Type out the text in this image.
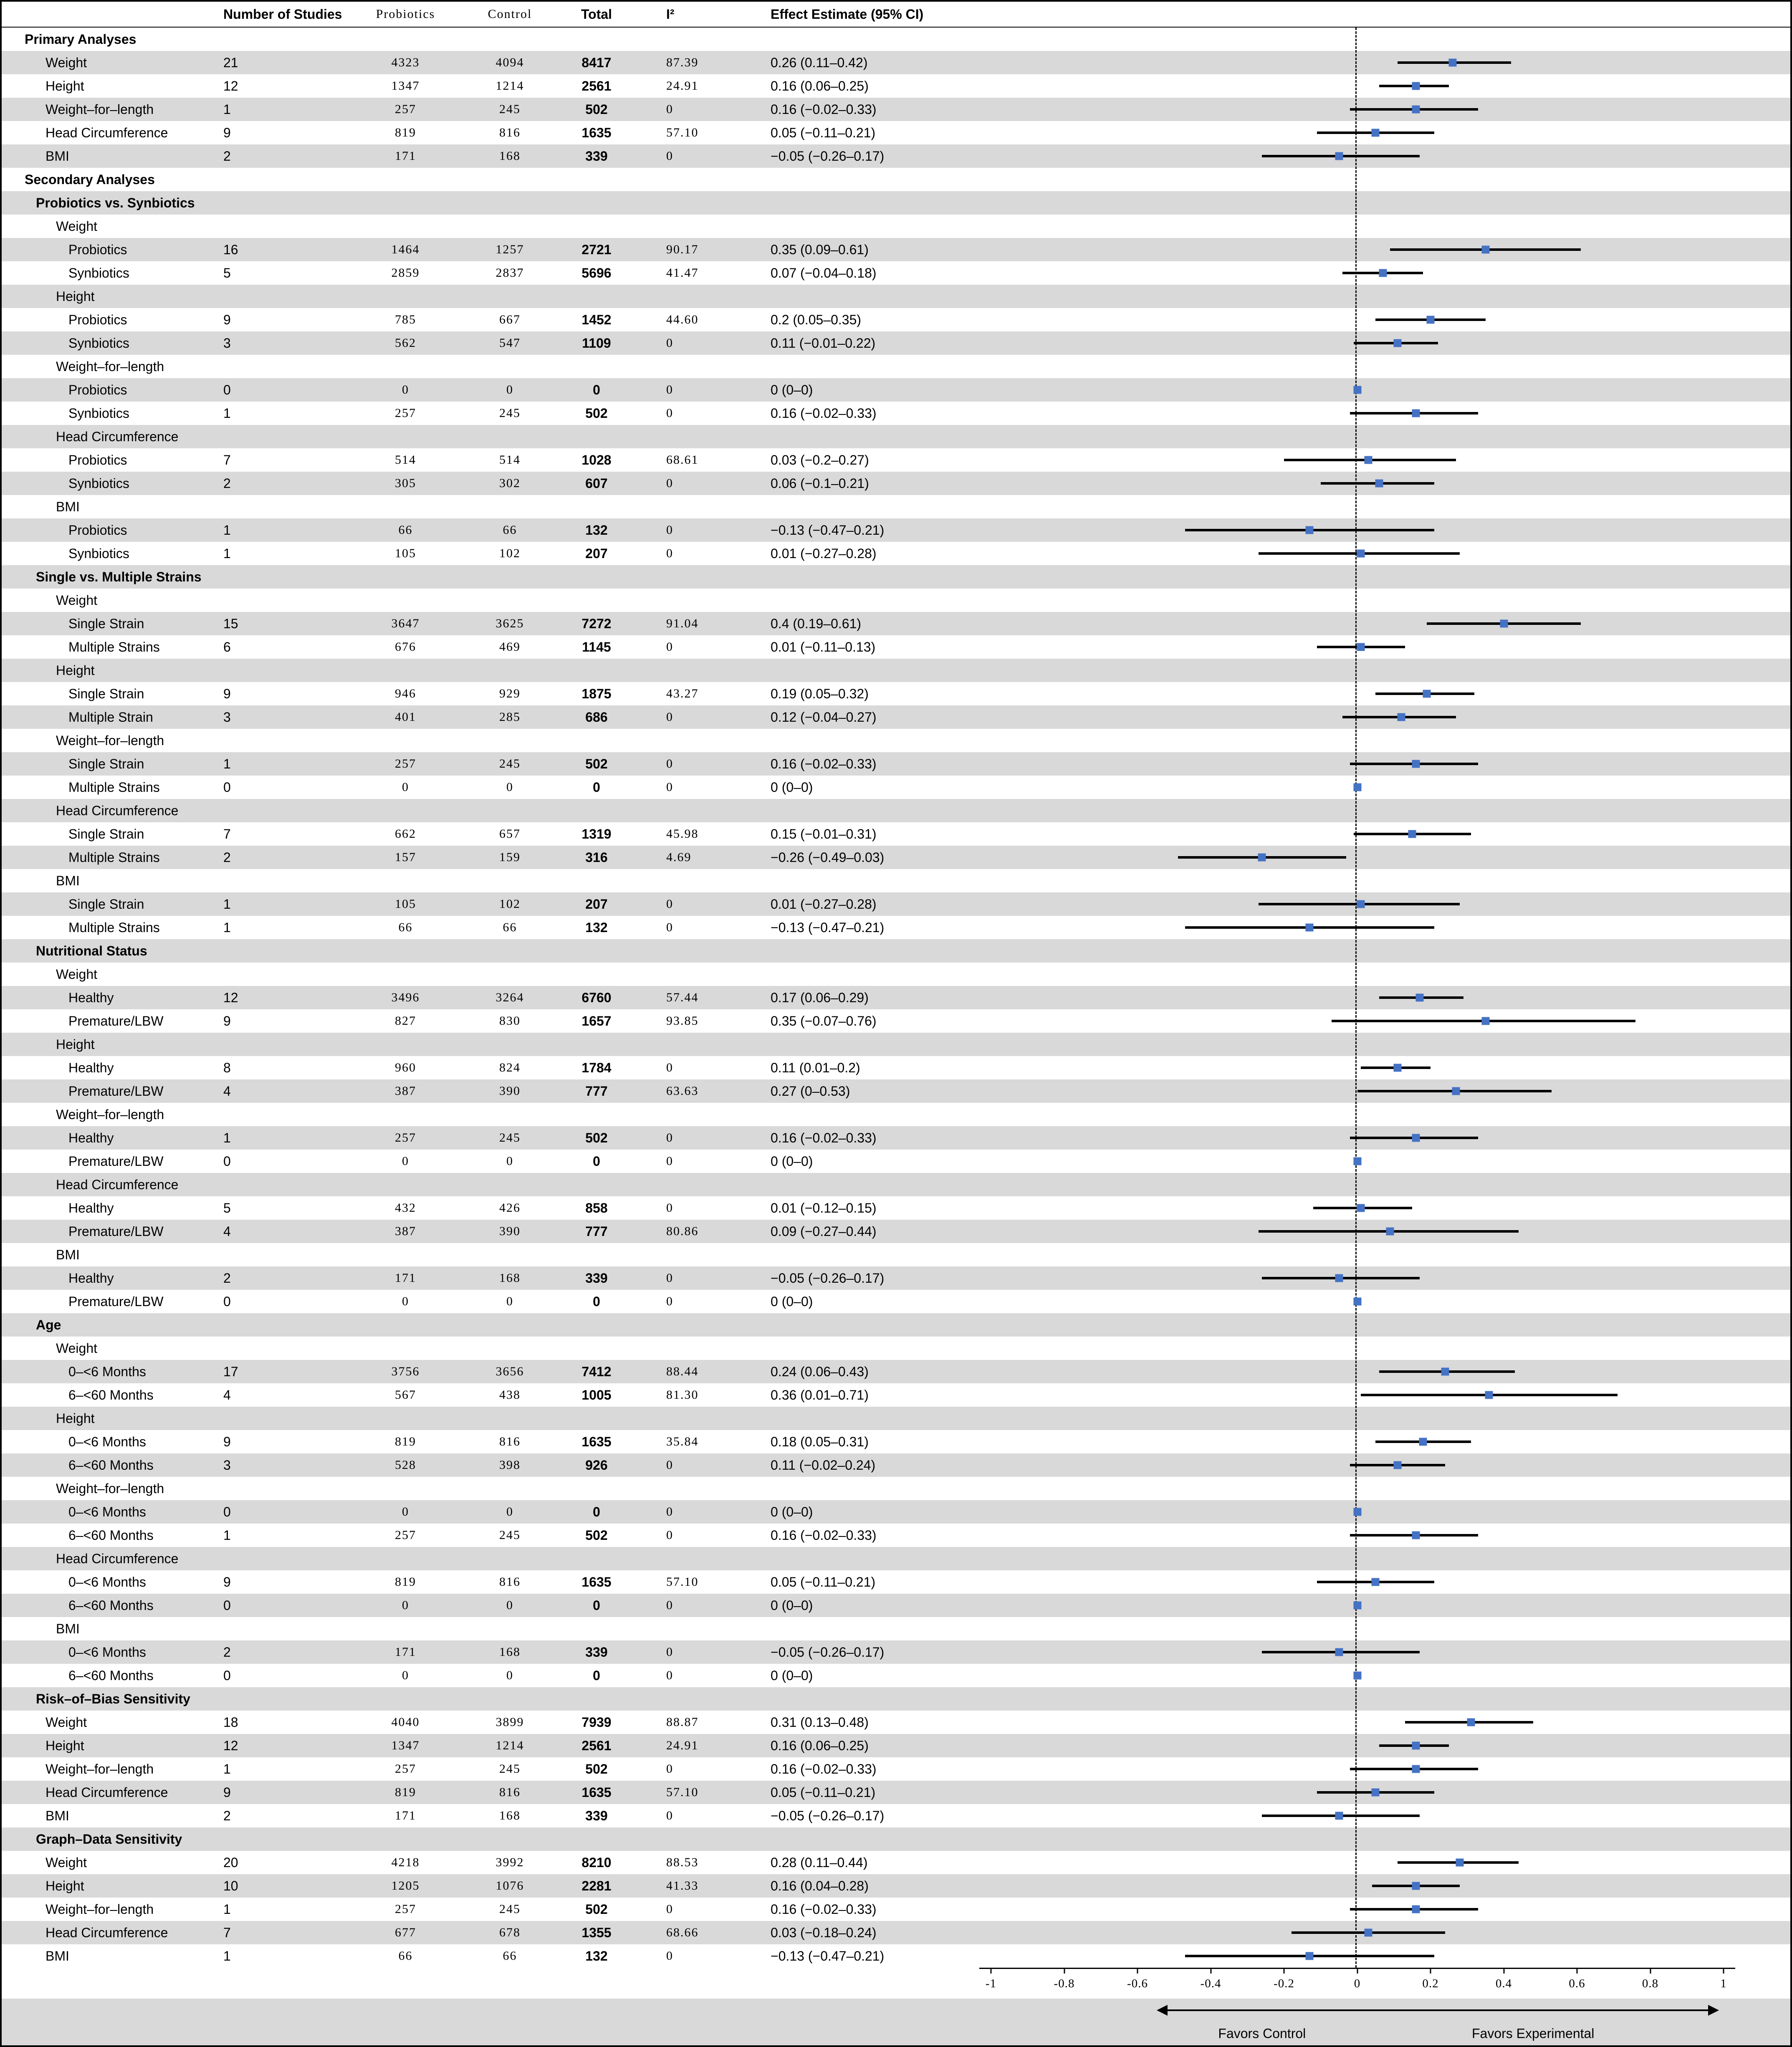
Number of Studies	Probiotics	Control	Total	I²	Effect Estimate (95% CI)
Primary Analyses
Weight	21	4323	4094	8417	87.39	0.26 (0.11–0.42)
Height	12	1347	1214	2561	24.91	0.16 (0.06–0.25)
Weight–for–length	1	257	245	502	0	0.16 (−0.02–0.33)
Head Circumference	9	819	816	1635	57.10	0.05 (−0.11–0.21)
BMI	2	171	168	339	0	−0.05 (−0.26–0.17)
Secondary Analyses
Probiotics vs. Synbiotics
Weight
Probiotics	16	1464	1257	2721	90.17	0.35 (0.09–0.61)
Synbiotics	5	2859	2837	5696	41.47	0.07 (−0.04–0.18)
Height
Probiotics	9	785	667	1452	44.60	0.2 (0.05–0.35)
Synbiotics	3	562	547	1109	0	0.11 (−0.01–0.22)
Weight–for–length
Probiotics	0	0	0	0	0	0 (0–0)
Synbiotics	1	257	245	502	0	0.16 (−0.02–0.33)
Head Circumference
Probiotics	7	514	514	1028	68.61	0.03 (−0.2–0.27)
Synbiotics	2	305	302	607	0	0.06 (−0.1–0.21)
BMI
Probiotics	1	66	66	132	0	−0.13 (−0.47–0.21)
Synbiotics	1	105	102	207	0	0.01 (−0.27–0.28)
Single vs. Multiple Strains
Weight
Single Strain	15	3647	3625	7272	91.04	0.4 (0.19–0.61)
Multiple Strains	6	676	469	1145	0	0.01 (−0.11–0.13)
Height
Single Strain	9	946	929	1875	43.27	0.19 (0.05–0.32)
Multiple Strain	3	401	285	686	0	0.12 (−0.04–0.27)
Weight–for–length
Single Strain	1	257	245	502	0	0.16 (−0.02–0.33)
Multiple Strains	0	0	0	0	0	0 (0–0)
Head Circumference
Single Strain	7	662	657	1319	45.98	0.15 (−0.01–0.31)
Multiple Strains	2	157	159	316	4.69	−0.26 (−0.49–0.03)
BMI
Single Strain	1	105	102	207	0	0.01 (−0.27–0.28)
Multiple Strains	1	66	66	132	0	−0.13 (−0.47–0.21)
Nutritional Status
Weight
Healthy	12	3496	3264	6760	57.44	0.17 (0.06–0.29)
Premature/LBW	9	827	830	1657	93.85	0.35 (−0.07–0.76)
Height
Healthy	8	960	824	1784	0	0.11 (0.01–0.2)
Premature/LBW	4	387	390	777	63.63	0.27 (0–0.53)
Weight–for–length
Healthy	1	257	245	502	0	0.16 (−0.02–0.33)
Premature/LBW	0	0	0	0	0	0 (0–0)
Head Circumference
Healthy	5	432	426	858	0	0.01 (−0.12–0.15)
Premature/LBW	4	387	390	777	80.86	0.09 (−0.27–0.44)
BMI
Healthy	2	171	168	339	0	−0.05 (−0.26–0.17)
Premature/LBW	0	0	0	0	0	0 (0–0)
Age
Weight
0–<6 Months	17	3756	3656	7412	88.44	0.24 (0.06–0.43)
6–<60 Months	4	567	438	1005	81.30	0.36 (0.01–0.71)
Height
0–<6 Months	9	819	816	1635	35.84	0.18 (0.05–0.31)
6–<60 Months	3	528	398	926	0	0.11 (−0.02–0.24)
Weight–for–length
0–<6 Months	0	0	0	0	0	0 (0–0)
6–<60 Months	1	257	245	502	0	0.16 (−0.02–0.33)
Head Circumference
0–<6 Months	9	819	816	1635	57.10	0.05 (−0.11–0.21)
6–<60 Months	0	0	0	0	0	0 (0–0)
BMI
0–<6 Months	2	171	168	339	0	−0.05 (−0.26–0.17)
6–<60 Months	0	0	0	0	0	0 (0–0)
Risk–of–Bias Sensitivity
Weight	18	4040	3899	7939	88.87	0.31 (0.13–0.48)
Height	12	1347	1214	2561	24.91	0.16 (0.06–0.25)
Weight–for–length	1	257	245	502	0	0.16 (−0.02–0.33)
Head Circumference	9	819	816	1635	57.10	0.05 (−0.11–0.21)
BMI	2	171	168	339	0	−0.05 (−0.26–0.17)
Graph–Data Sensitivity
Weight	20	4218	3992	8210	88.53	0.28 (0.11–0.44)
Height	10	1205	1076	2281	41.33	0.16 (0.04–0.28)
Weight–for–length	1	257	245	502	0	0.16 (−0.02–0.33)
Head Circumference	7	677	678	1355	68.66	0.03 (−0.18–0.24)
BMI	1	66	66	132	0	−0.13 (−0.47–0.21)
-1	-0.8	-0.6	-0.4	-0.2	0	0.2	0.4	0.6	0.8	1
Favors Control	Favors Experimental
